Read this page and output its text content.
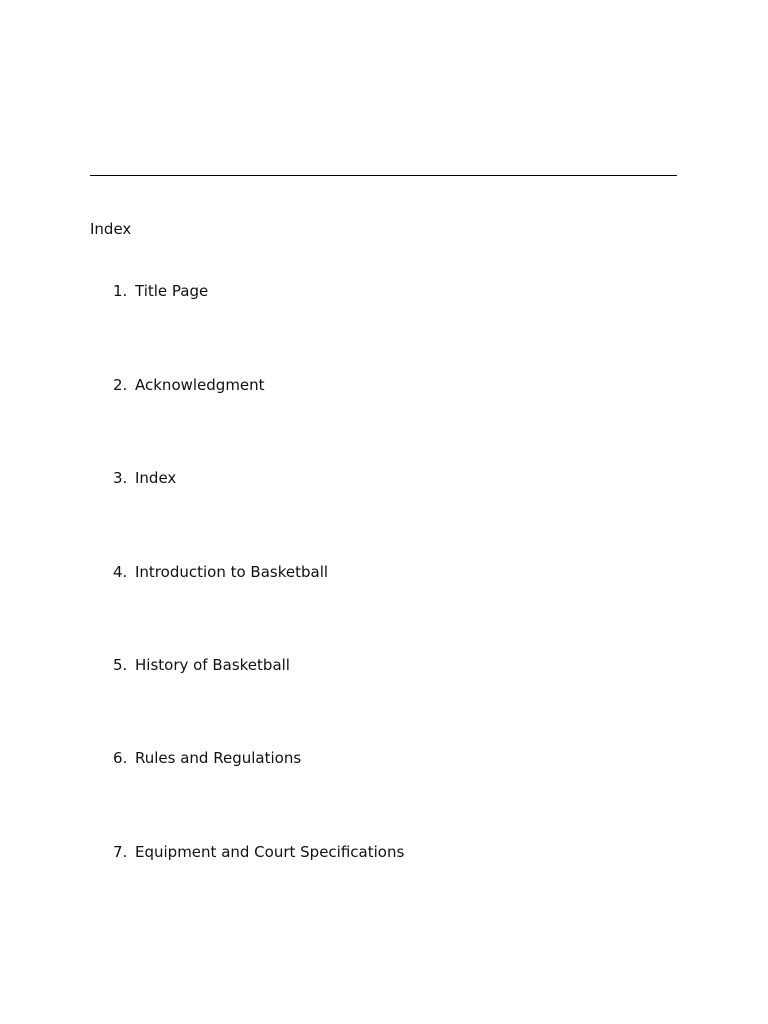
Index
1. Title Page
2. Acknowledgment
3. Index
4. Introduction to Basketball
5. History of Basketball
6. Rules and Regulations
7. Equipment and Court Specifications
